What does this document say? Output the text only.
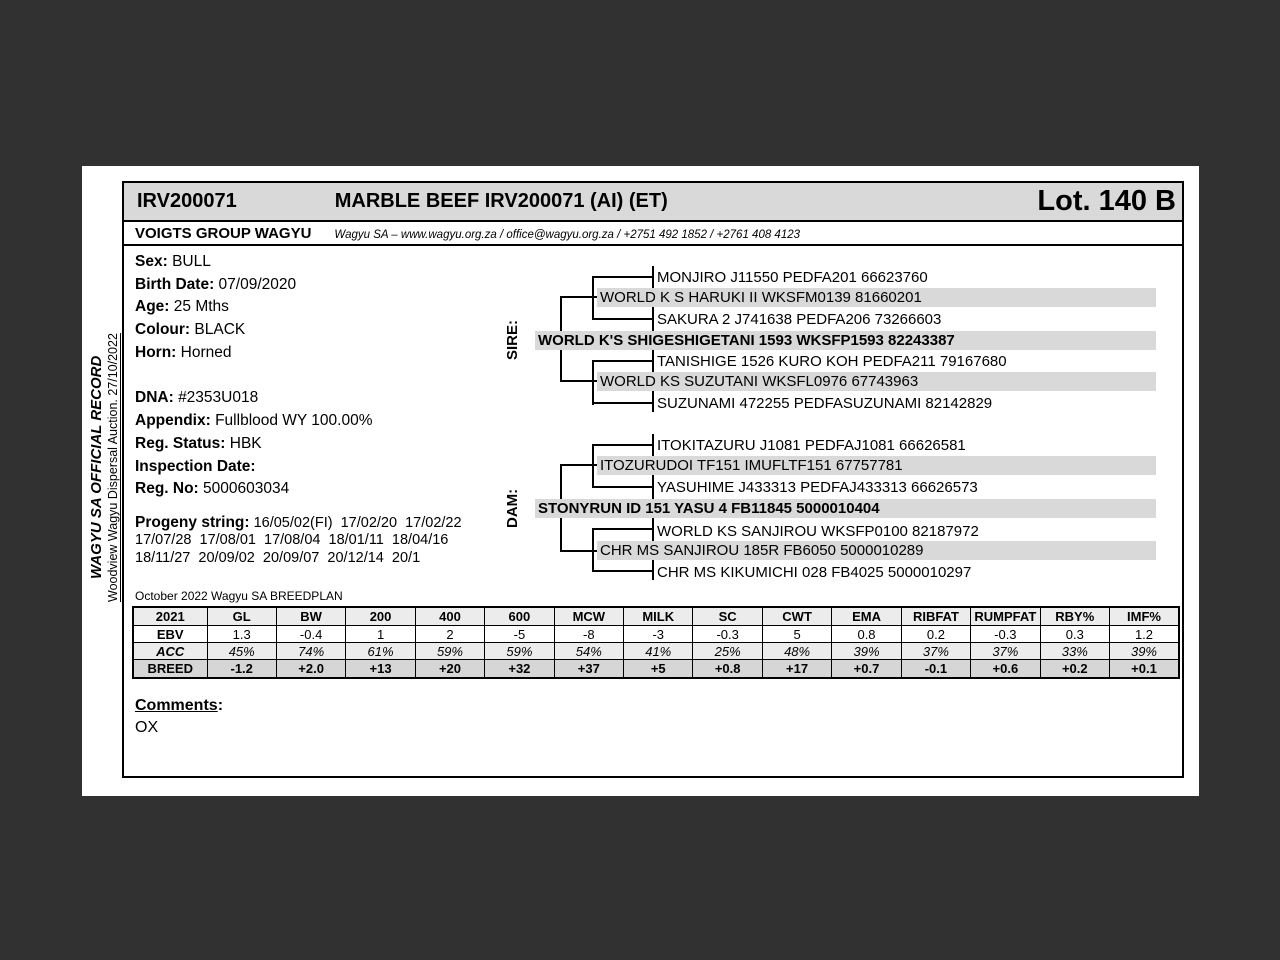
WAGYU SA OFFICIAL RECORD Woodview Wagyu Dispersal Auction. 27/10/2022
IRV200071	MARBLE BEEF IRV200071 (AI) (ET)	Lot. 140 B
VOIGTS GROUP WAGYU Wagyu SA – www.wagyu.org.za / office@wagyu.org.za / +2751 492 1852 / +2761 408 4123
Sex: BULL
Birth Date: 07/09/2020
Age: 25 Mths
Colour: BLACK
Horn: Horned
DNA: #2353U018
Appendix: Fullblood WY 100.00%
Reg. Status: HBK
Inspection Date:
Reg. No: 5000603034
Progeny string: 16/05/02(FI)  17/02/20  17/02/22
17/07/28  17/08/01  17/08/04  18/01/11  18/04/16
18/11/27  20/09/02  20/09/07  20/12/14  20/1
SIRE:
DAM:
MONJIRO J11550 PEDFA201 66623760
WORLD K S HARUKI II WKSFM0139 81660201
SAKURA 2 J741638 PEDFA206 73266603
WORLD K'S SHIGESHIGETANI 1593 WKSFP1593 82243387
TANISHIGE 1526 KURO KOH PEDFA211 79167680
WORLD KS SUZUTANI WKSFL0976 67743963
SUZUNAMI 472255 PEDFASUZUNAMI 82142829
ITOKITAZURU J1081 PEDFAJ1081 66626581
ITOZURUDOI TF151 IMUFLTF151 67757781
YASUHIME J433313 PEDFAJ433313 66626573
STONYRUN ID 151 YASU 4 FB11845 5000010404
WORLD KS SANJIROU WKSFP0100 82187972
CHR MS SANJIROU 185R FB6050 5000010289
CHR MS KIKUMICHI 028 FB4025 5000010297
October 2022 Wagyu SA BREEDPLAN
2021	GL	BW	200	400	600	MCW	MILK	SC	CWT	EMA	RIBFAT	RUMPFAT	RBY%	IMF%
EBV	1.3	-0.4	1	2	-5	-8	-3	-0.3	5	0.8	0.2	-0.3	0.3	1.2
ACC	45%	74%	61%	59%	59%	54%	41%	25%	48%	39%	37%	37%	33%	39%
BREED	-1.2	+2.0	+13	+20	+32	+37	+5	+0.8	+17	+0.7	-0.1	+0.6	+0.2	+0.1
Comments:
OX
